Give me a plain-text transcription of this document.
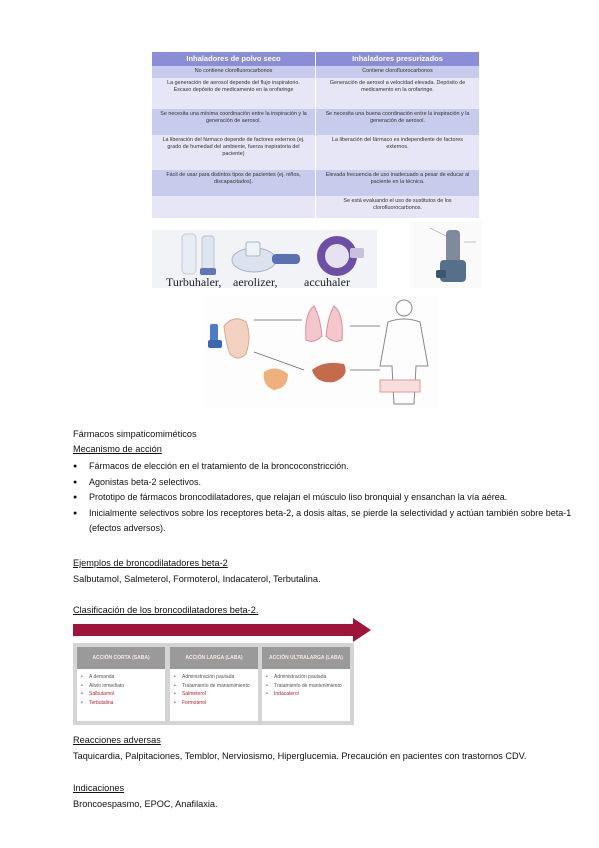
Inhaladores de polvo seco	Inhaladores presurizados
No contiene clorofluorocarbonos	Contiene clorofluorocarbonos
La generación de aerosol depende del flujo inspiratorio. Escaso depósito de medicamento en la orofaringe
Generación de aerosol a velocidad elevada. Depósito de medicamento en la orofaringe.
Se necesita una mínima coordinación entre la inspiración y la generación de aerosol.
Se necesita una buena coordinación entre la inspiración y la generación de aerosol.
La liberación del fármaco depende de factores externos (ej. grado de humedad del ambiente, fuerza inspiratoria del paciente)
La liberación del fármaco es independiente de factores externos.
Fácil de usar para distintos tipos de pacientes (ej. niños, discapacitados).
Elevada frecuencia de uso inadecuado a pesar de educar al paciente en la técnica.
Se está evaluando el uso de sustitutos de los clorofluorocarbonos.
Turbuhaler, aerolizer, accuhaler
Fármacos simpaticomiméticos
Mecanismo de acción
● Fármacos de elección en el tratamiento de la broncoconstricción.
● Agonistas beta-2 selectivos.
● Prototipo de fármacos broncodilatadores, que relajan el músculo liso bronquial y ensanchan la vía aérea.
● Inicialmente selectivos sobre los receptores beta-2, a dosis altas, se pierde la selectividad y actúan también sobre beta-1 (efectos adversos).
Ejemplos de broncodilatadores beta-2
Salbutamol, Salmeterol, Formoterol, Indacaterol, Terbutalina.
Clasificación de los broncodilatadores beta-2.
ACCIÓN CORTA (SABA)
• A demanda
• Alivio inmediato
• Salbutamol
• Terbutalina
ACCIÓN LARGA (LABA)
• Administración pautada
• Tratamiento de mantenimiento
• Salmeterol
• Formoterol
ACCIÓN ULTRALARGA (LABA)
• Administración pautada
• Tratamiento de mantenimiento
• Indacaterol
Reacciones adversas
Taquicardia, Palpitaciones, Temblor, Nerviosismo, Hiperglucemia. Precaución en pacientes con trastornos CDV.
Indicaciones
Broncoespasmo, EPOC, Anafilaxia.
